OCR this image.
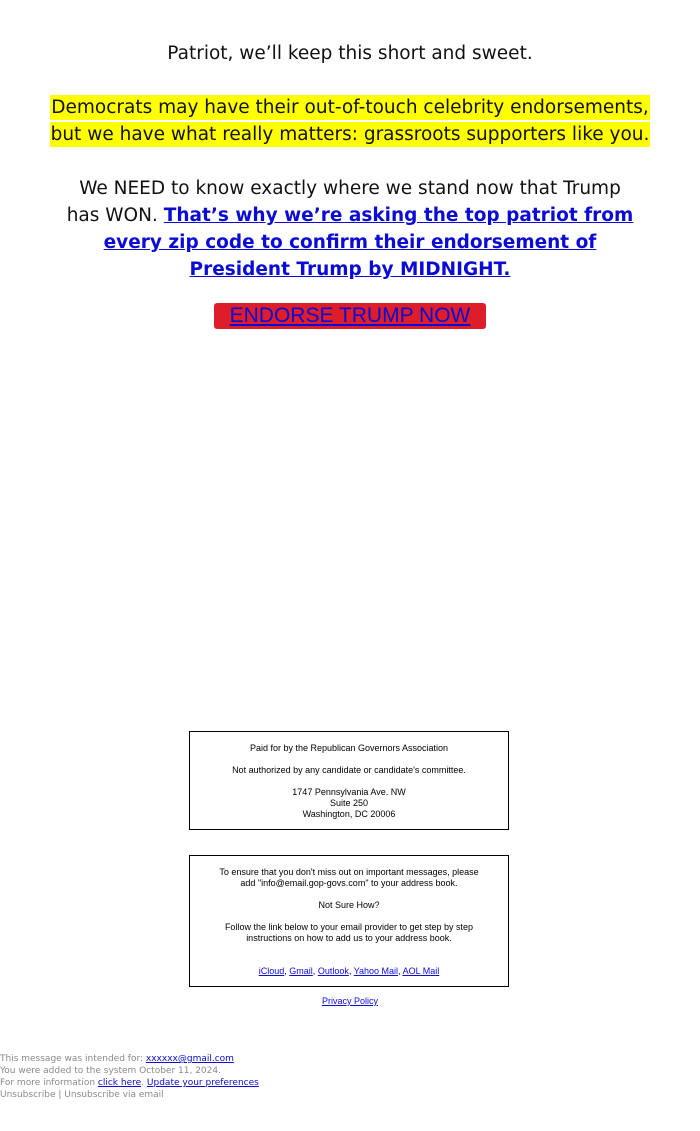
Patriot, we’ll keep this short and sweet.

Democrats may have their out-of-touch celebrity endorsements,
but we have what really matters: grassroots supporters like you.

We NEED to know exactly where we stand now that Trump has WON. That’s why we’re asking the top patriot from every zip code to confirm their endorsement of President Trump by MIDNIGHT.

ENDORSE TRUMP NOW
Paid for by the Republican Governors Association
Not authorized by any candidate or candidate's committee.
1747 Pennsylvania Ave. NW
Suite 250
Washington, DC 20006
To ensure that you don't miss out on important messages, please
add "info@email.gop-govs.com" to your address book.
Not Sure How?
Follow the link below to your email provider to get step by step
instructions on how to add us to your address book.
iCloud, Gmail, Outlook, Yahoo Mail, AOL Mail
Privacy Policy
This message was intended for: xxxxxx@gmail.com
You were added to the system October 11, 2024.
For more information click here. Update your preferences
Unsubscribe | Unsubscribe via email
